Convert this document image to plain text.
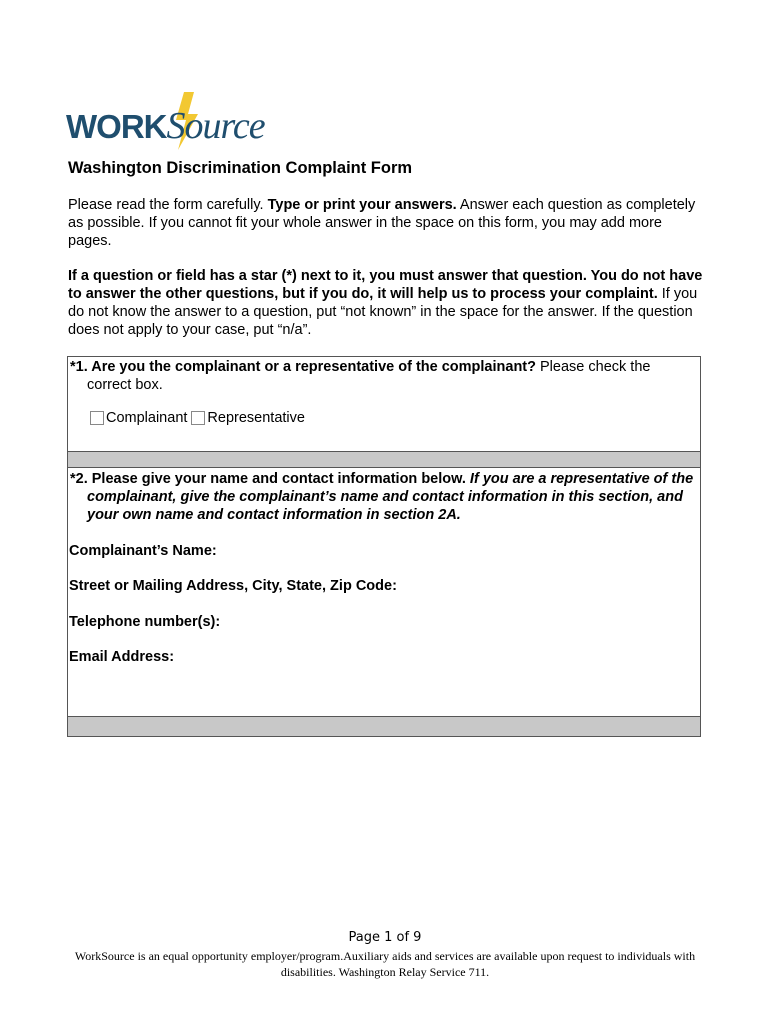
WORKSource
Washington Discrimination Complaint Form
Please read the form carefully. Type or print your answers. Answer each question as completely as possible. If you cannot fit your whole answer in the space on this form, you may add more pages.
If a question or field has a star (*) next to it, you must answer that question. You do not have to answer the other questions, but if you do, it will help us to process your complaint. If you do not know the answer to a question, put “not known” in the space for the answer. If the question does not apply to your case, put “n/a”.
*1. Are you the complainant or a representative of the complainant? Please check the correct box.
Complainant Representative
*2. Please give your name and contact information below. If you are a representative of the complainant, give the complainant’s name and contact information in this section, and your own name and contact information in section 2A.
Complainant’s Name:
Street or Mailing Address, City, State, Zip Code:
Telephone number(s):
Email Address:
Page 1 of 9
WorkSource is an equal opportunity employer/program.Auxiliary aids and services are available upon request to individuals with disabilities. Washington Relay Service 711.
